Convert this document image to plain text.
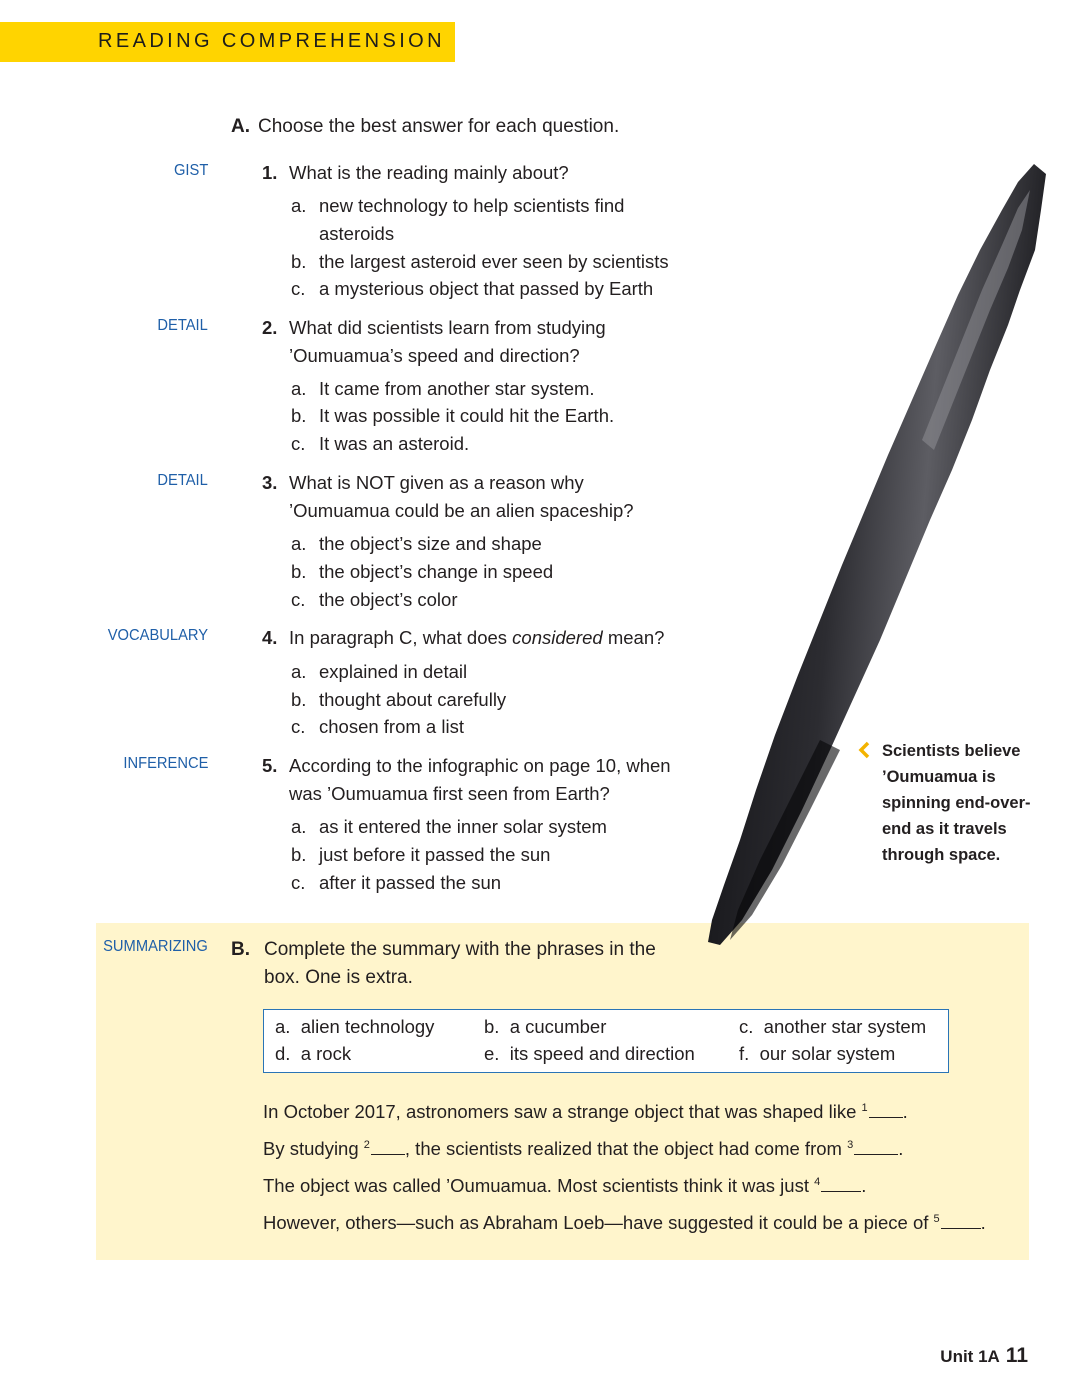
READING COMPREHENSION
A. Choose the best answer for each question.
GIST	1. What is the reading mainly about?
a. new technology to help scientists find asteroids
b. the largest asteroid ever seen by scientists
c. a mysterious object that passed by Earth
DETAIL	2. What did scientists learn from studying ’Oumuamua’s speed and direction?
a. It came from another star system.
b. It was possible it could hit the Earth.
c. It was an asteroid.
DETAIL	3. What is NOT given as a reason why ’Oumuamua could be an alien spaceship?
a. the object’s size and shape
b. the object’s change in speed
c. the object’s color
VOCABULARY	4. In paragraph C, what does considered mean?
a. explained in detail
b. thought about carefully
c. chosen from a list
INFERENCE	5. According to the infographic on page 10, when was ’Oumuamua first seen from Earth?
a. as it entered the inner solar system
b. just before it passed the sun
c. after it passed the sun
Scientists believe ’Oumuamua is spinning end-over-end as it travels through space.
SUMMARIZING B. Complete the summary with the phrases in the box. One is extra.
a. alien technology	b. a cucumber	c. another star system
d. a rock	e. its speed and direction f. our solar system
In October 2017, astronomers saw a strange object that was shaped like $^1$ .
By studying $^2$ , the scientists realized that the object had come from $^3$ .
The object was called ’Oumuamua. Most scientists think it was just $^4$ .
However, others—such as Abraham Loeb—have suggested it could be a piece of $^5$ .
Unit 1A 11
